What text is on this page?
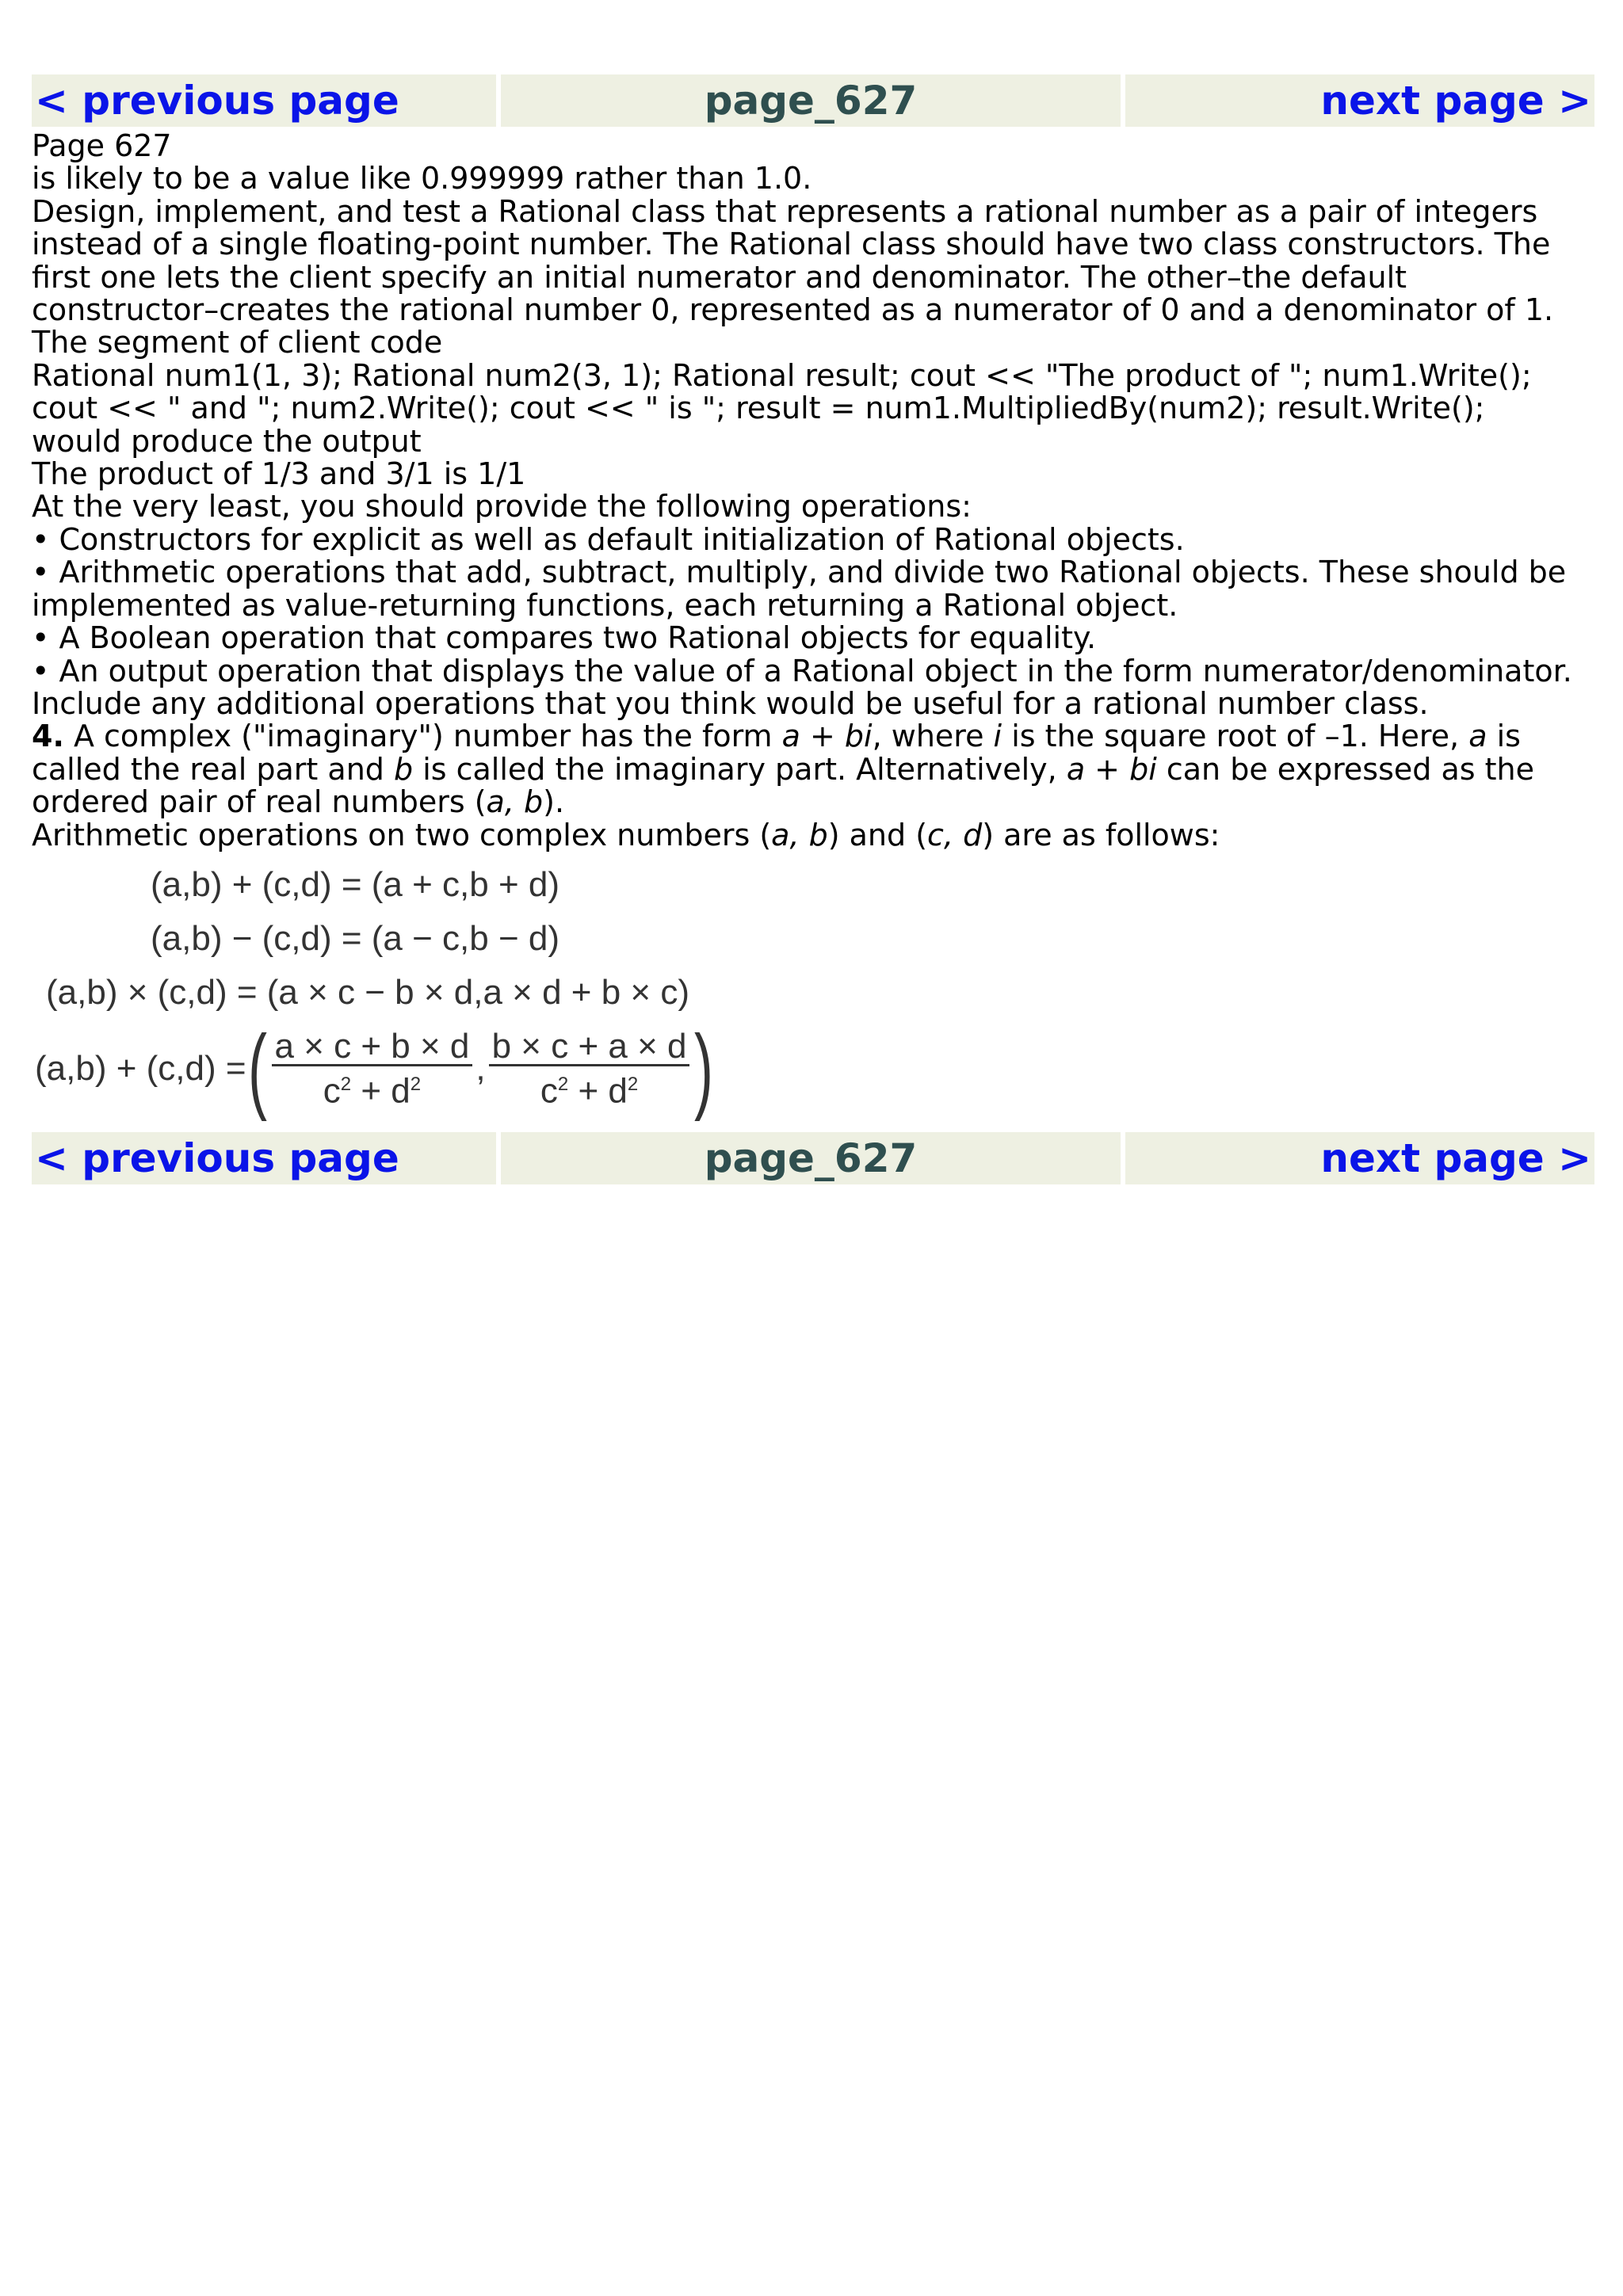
< previous page	page_627	next page >

Page 627

is likely to be a value like 0.999999 rather than 1.0.

Design, implement, and test a Rational class that represents a rational number as a pair of integers instead of a single floating-point number. The Rational class should have two class constructors. The first one lets the client specify an initial numerator and denominator. The other–the default constructor–creates the rational number 0, represented as a numerator of 0 and a denominator of 1. The segment of client code

Rational num1(1, 3); Rational num2(3, 1); Rational result; cout << "The product of "; num1.Write(); cout << " and "; num2.Write(); cout << " is "; result = num1.MultipliedBy(num2); result.Write();

would produce the output

The product of 1/3 and 3/1 is 1/1

At the very least, you should provide the following operations:

• Constructors for explicit as well as default initialization of Rational objects.

• Arithmetic operations that add, subtract, multiply, and divide two Rational objects. These should be implemented as value-returning functions, each returning a Rational object.

• A Boolean operation that compares two Rational objects for equality.

• An output operation that displays the value of a Rational object in the form numerator/denominator.

Include any additional operations that you think would be useful for a rational number class.

4. A complex ("imaginary") number has the form a + bi, where i is the square root of –1. Here, a is called the real part and b is called the imaginary part. Alternatively, a + bi can be expressed as the ordered pair of real numbers (a, b).

Arithmetic operations on two complex numbers (a, b) and (c, d) are as follows:

(a,b) + (c,d) = (a + c,b + d)
(a,b) − (c,d) = (a − c,b − d)
(a,b) × (c,d) = (a × c − b × d,a × d + b × c)
(a,b) + (c,d) = ( $\frac{a \times c + b \times d}{c^2 + d^2}$ , $\frac{b \times c + a \times d}{c^2 + d^2}$ )
< previous page	page_627	next page >
